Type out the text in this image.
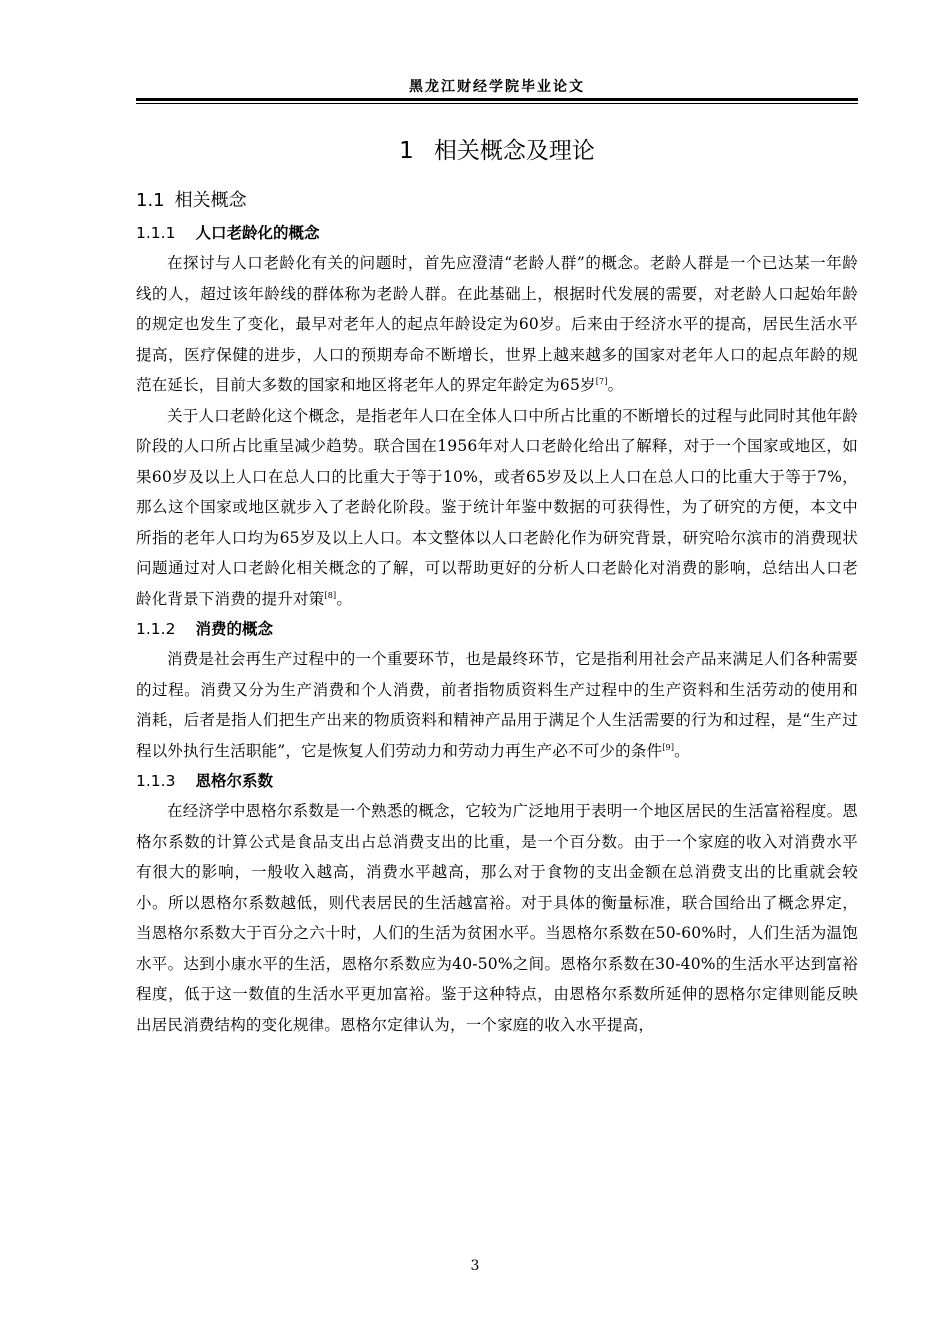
黑龙江财经学院毕业论文
1 相关概念及理论
1.1 相关概念
1.1.1 人口老龄化的概念

在探讨与人口老龄化有关的问题时，首先应澄清“老龄人群”的概念。老龄人群是一个已达某一年龄线的人，超过该年龄线的群体称为老龄人群。在此基础上，根据时代发展的需要，对老龄人口起始年龄的规定也发生了变化，最早对老年人的起点年龄设定为60岁。后来由于经济水平的提高，居民生活水平提高，医疗保健的进步，人口的预期寿命不断增长，世界上越来越多的国家对老年人口的起点年龄的规范在延长，目前大多数的国家和地区将老年人的界定年龄定为65岁[7]。

关于人口老龄化这个概念，是指老年人口在全体人口中所占比重的不断增长的过程与此同时其他年龄阶段的人口所占比重呈减少趋势。联合国在1956年对人口老龄化给出了解释，对于一个国家或地区，如果60岁及以上人口在总人口的比重大于等于10%，或者65岁及以上人口在总人口的比重大于等于7%，那么这个国家或地区就步入了老龄化阶段。鉴于统计年鉴中数据的可获得性，为了研究的方便，本文中所指的老年人口均为65岁及以上人口。本文整体以人口老龄化作为研究背景，研究哈尔滨市的消费现状问题通过对人口老龄化相关概念的了解，可以帮助更好的分析人口老龄化对消费的影响，总结出人口老龄化背景下消费的提升对策[8]。

1.1.2 消费的概念

消费是社会再生产过程中的一个重要环节，也是最终环节，它是指利用社会产品来满足人们各种需要的过程。消费又分为生产消费和个人消费，前者指物质资料生产过程中的生产资料和生活劳动的使用和消耗，后者是指人们把生产出来的物质资料和精神产品用于满足个人生活需要的行为和过程，是“生产过程以外执行生活职能”，它是恢复人们劳动力和劳动力再生产必不可少的条件[9]。

1.1.3 恩格尔系数

在经济学中恩格尔系数是一个熟悉的概念，它较为广泛地用于表明一个地区居民的生活富裕程度。恩格尔系数的计算公式是食品支出占总消费支出的比重，是一个百分数。由于一个家庭的收入对消费水平有很大的影响，一般收入越高，消费水平越高，那么对于食物的支出金额在总消费支出的比重就会较小。所以恩格尔系数越低，则代表居民的生活越富裕。对于具体的衡量标准，联合国给出了概念界定，当恩格尔系数大于百分之六十时，人们的生活为贫困水平。当恩格尔系数在50-60%时，人们生活为温饱水平。达到小康水平的生活，恩格尔系数应为40-50%之间。恩格尔系数在30-40%的生活水平达到富裕程度，低于这一数值的生活水平更加富裕。鉴于这种特点，由恩格尔系数所延伸的恩格尔定律则能反映出居民消费结构的变化规律。恩格尔定律认为，一个家庭的收入水平提高，

3
